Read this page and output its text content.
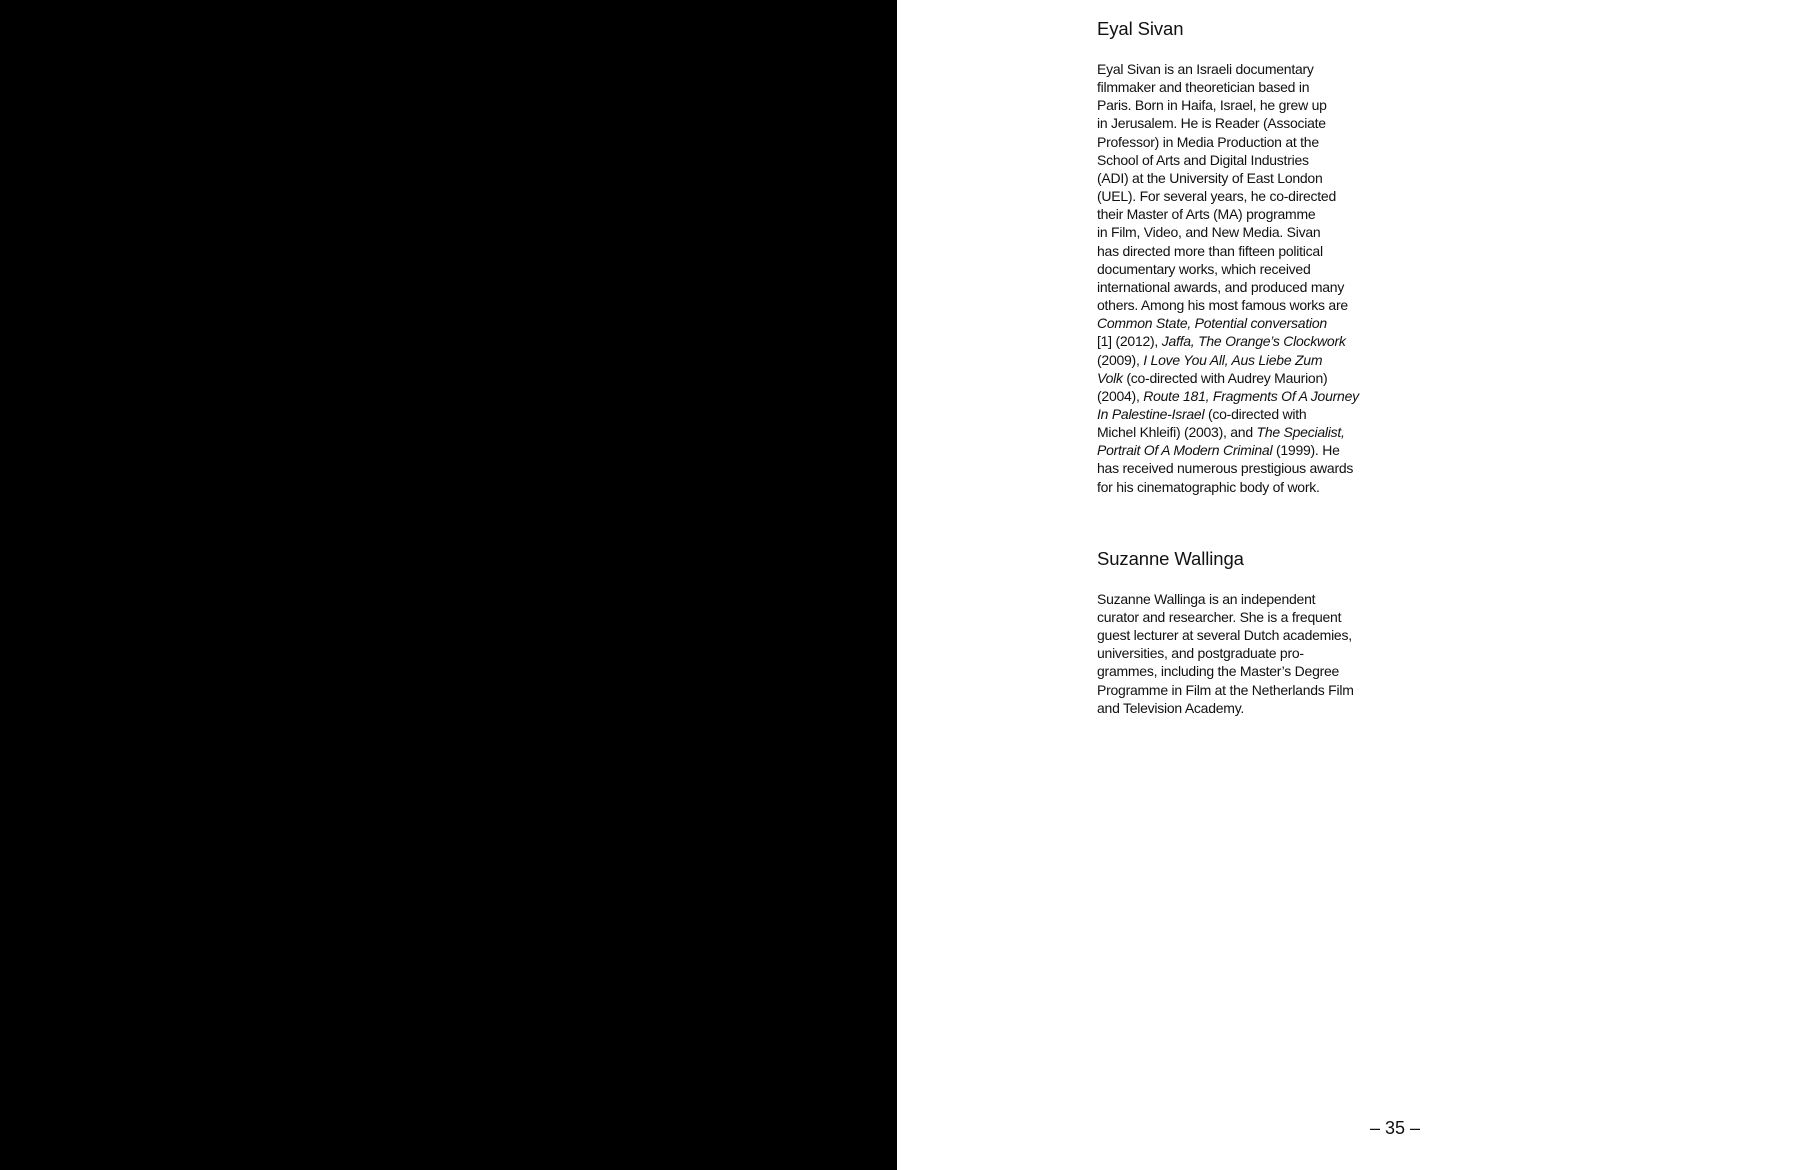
Eyal Sivan

Eyal Sivan is an Israeli documentary
filmmaker and theoretician based in
Paris. Born in Haifa, Israel, he grew up
in Jerusalem. He is Reader (Associate
Professor) in Media Production at the
School of Arts and Digital Industries
(ADI) at the University of East London
(UEL). For several years, he co-directed
their Master of Arts (MA) programme
in Film, Video, and New Media. Sivan
has directed more than fifteen political
documentary works, which received
international awards, and produced many
others. Among his most famous works are
Common State, Potential conversation
[1] (2012), Jaffa, The Orange’s Clockwork
(2009), I Love You All, Aus Liebe Zum
Volk (co-directed with Audrey Maurion)
(2004), Route 181, Fragments Of A Journey
In Palestine-Israel (co-directed with
Michel Khleifi) (2003), and The Specialist,
Portrait Of A Modern Criminal (1999). He
has received numerous prestigious awards
for his cinematographic body of work.

Suzanne Wallinga

Suzanne Wallinga is an independent
curator and researcher. She is a frequent
guest lecturer at several Dutch academies,
universities, and postgraduate pro-
grammes, including the Master’s Degree
Programme in Film at the Netherlands Film
and Television Academy.

– 35 –
